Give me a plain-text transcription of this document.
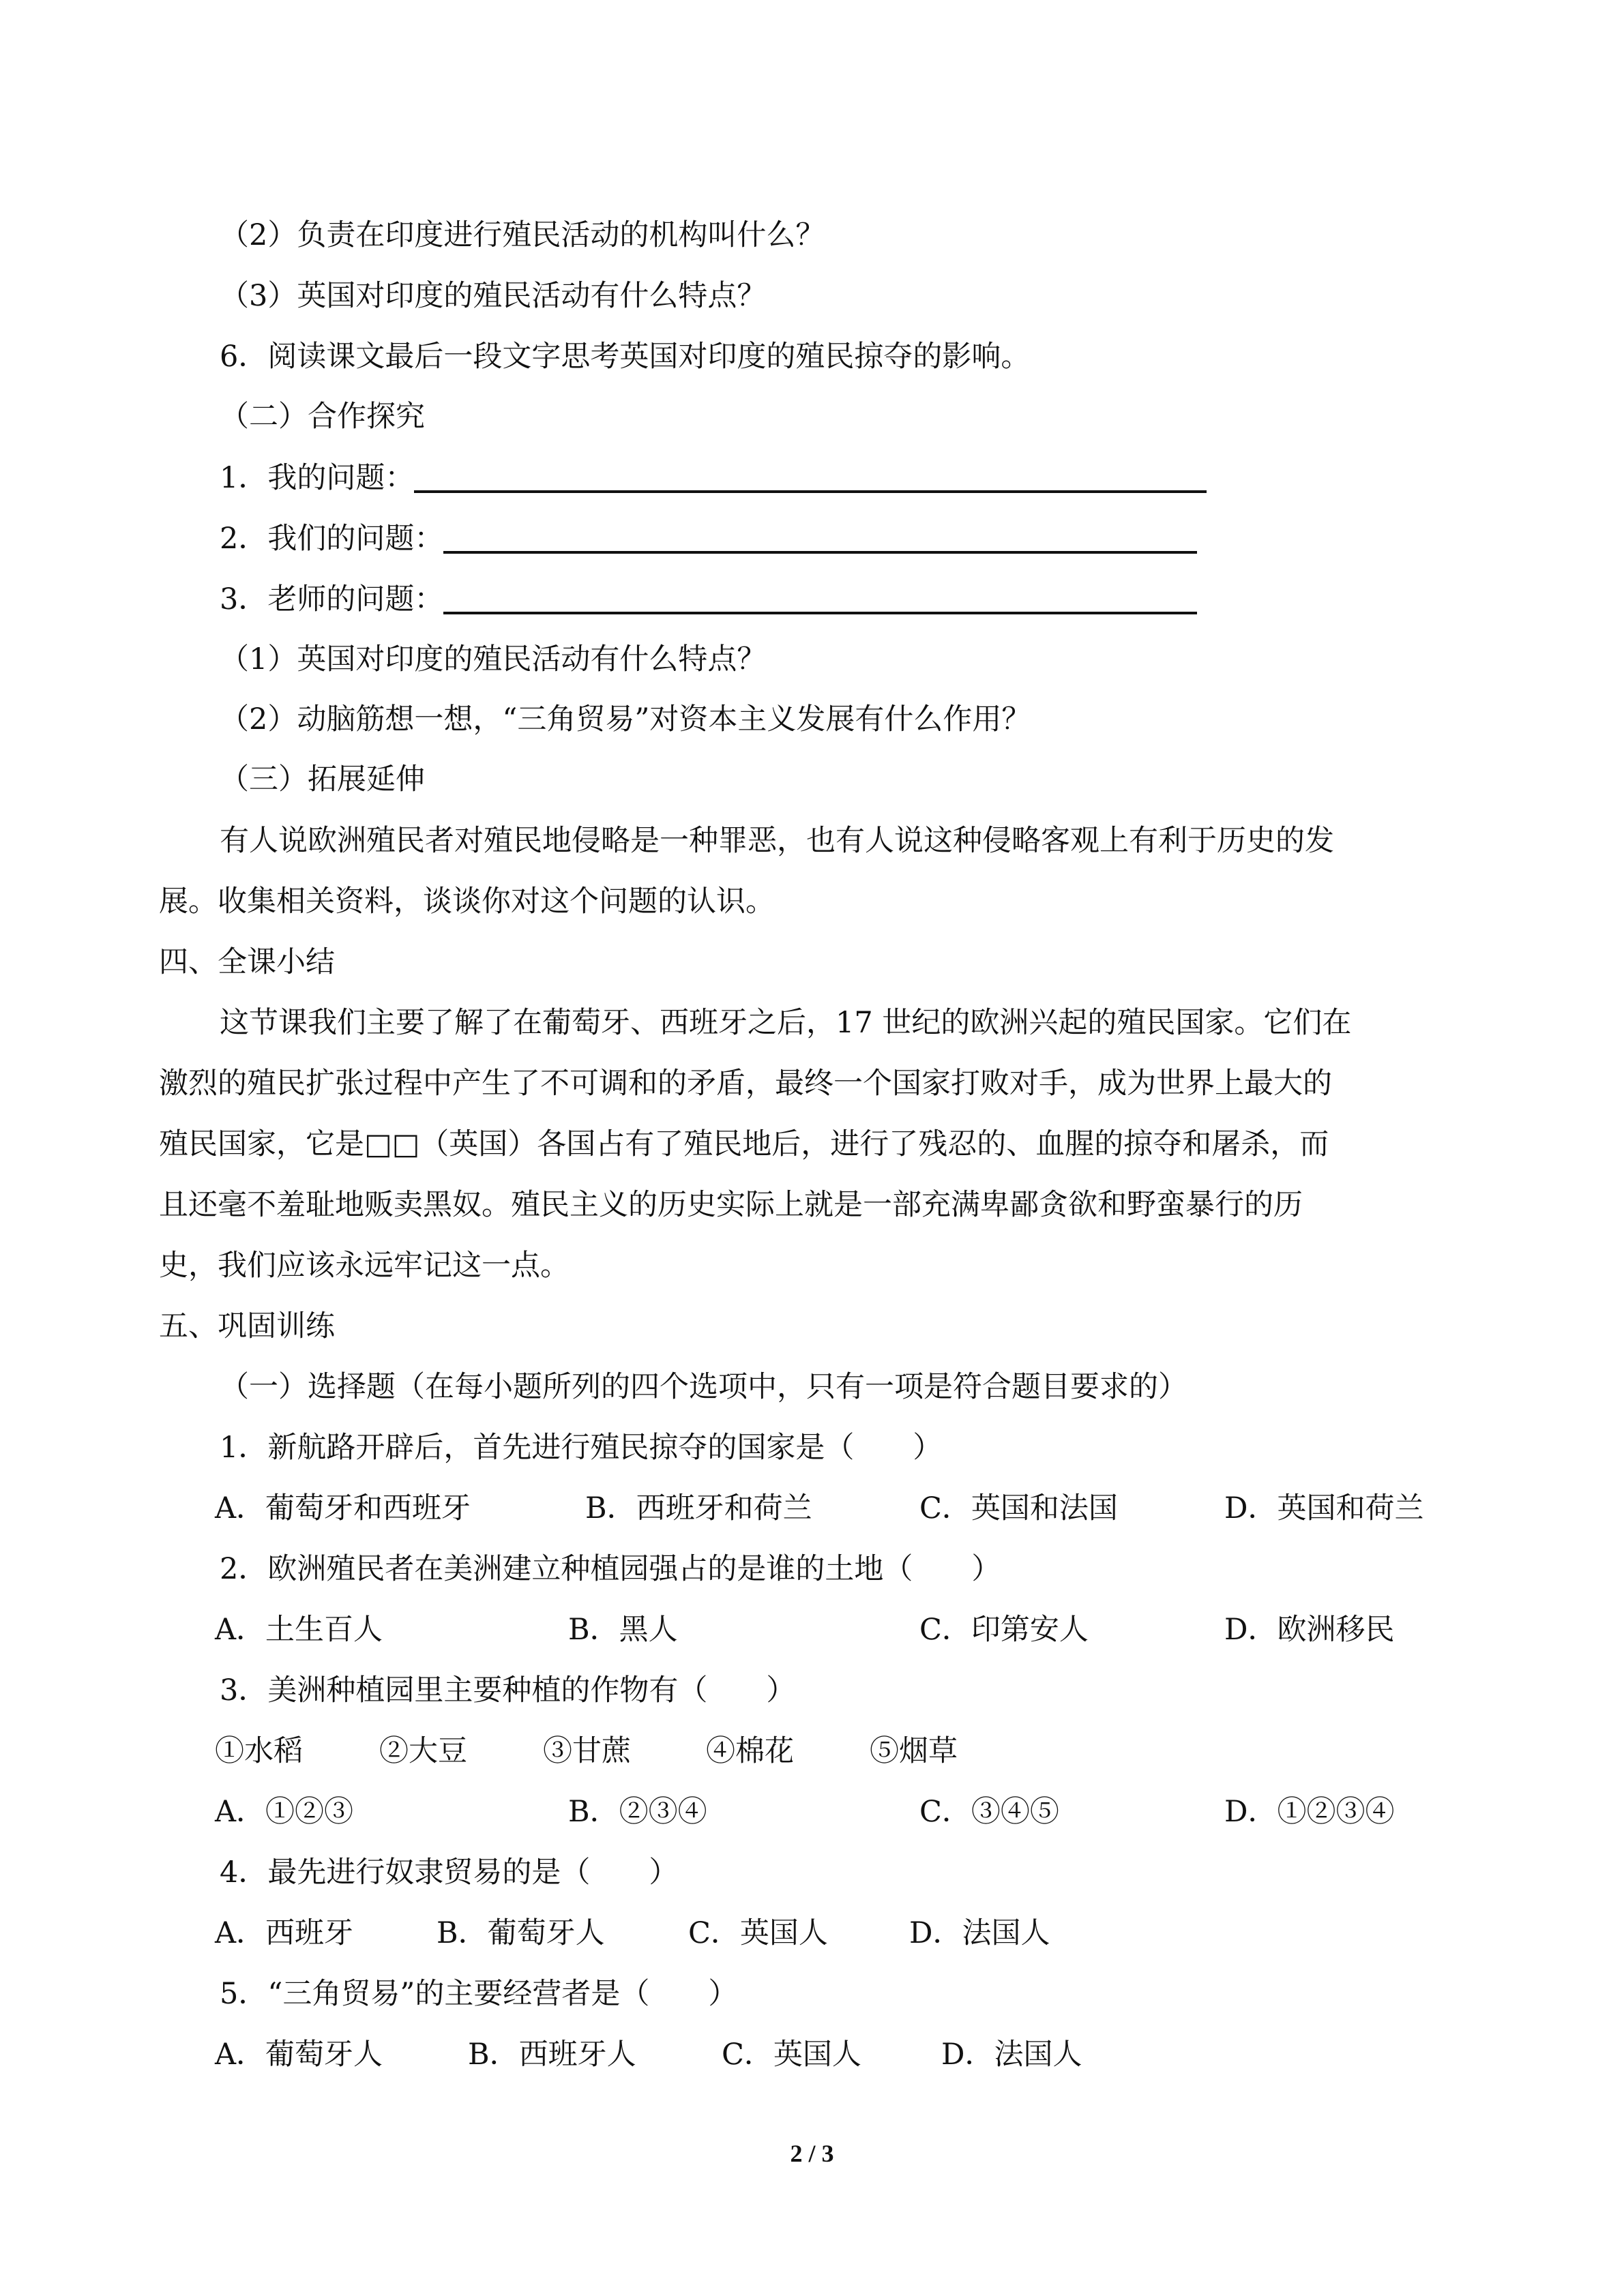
（2）负责在印度进行殖民活动的机构叫什么？
（3）英国对印度的殖民活动有什么特点？
6．阅读课文最后一段文字思考英国对印度的殖民掠夺的影响。
（二）合作探究
1．我的问题：
2．我们的问题：
3．老师的问题：
（1）英国对印度的殖民活动有什么特点？
（2）动脑筋想一想，“三角贸易”对资本主义发展有什么作用？
（三）拓展延伸
有人说欧洲殖民者对殖民地侵略是一种罪恶，也有人说这种侵略客观上有利于历史的发
展。收集相关资料，谈谈你对这个问题的认识。
四、全课小结
这节课我们主要了解了在葡萄牙、西班牙之后，17 世纪的欧洲兴起的殖民国家。它们在
激烈的殖民扩张过程中产生了不可调和的矛盾，最终一个国家打败对手，成为世界上最大的
殖民国家，它是□□（英国）各国占有了殖民地后，进行了残忍的、血腥的掠夺和屠杀，而
且还毫不羞耻地贩卖黑奴。殖民主义的历史实际上就是一部充满卑鄙贪欲和野蛮暴行的历
史，我们应该永远牢记这一点。
五、巩固训练
（一）选择题（在每小题所列的四个选项中，只有一项是符合题目要求的）
1．新航路开辟后，首先进行殖民掠夺的国家是（　　）
A．葡萄牙和西班牙	B．西班牙和荷兰	C．英国和法国	D．英国和荷兰
2．欧洲殖民者在美洲建立种植园强占的是谁的土地（　　）
A．土生百人	B．黑人	C．印第安人	D．欧洲移民
3．美洲种植园里主要种植的作物有（　　）
①水稻	②大豆	③甘蔗	④棉花	⑤烟草
A．①②③	B．②③④	C．③④⑤	D．①②③④
4．最先进行奴隶贸易的是（　　）
A．西班牙	B．葡萄牙人	C．英国人	D．法国人
5．“三角贸易”的主要经营者是（　　）
A．葡萄牙人	B．西班牙人	C．英国人	D．法国人
2 / 3
